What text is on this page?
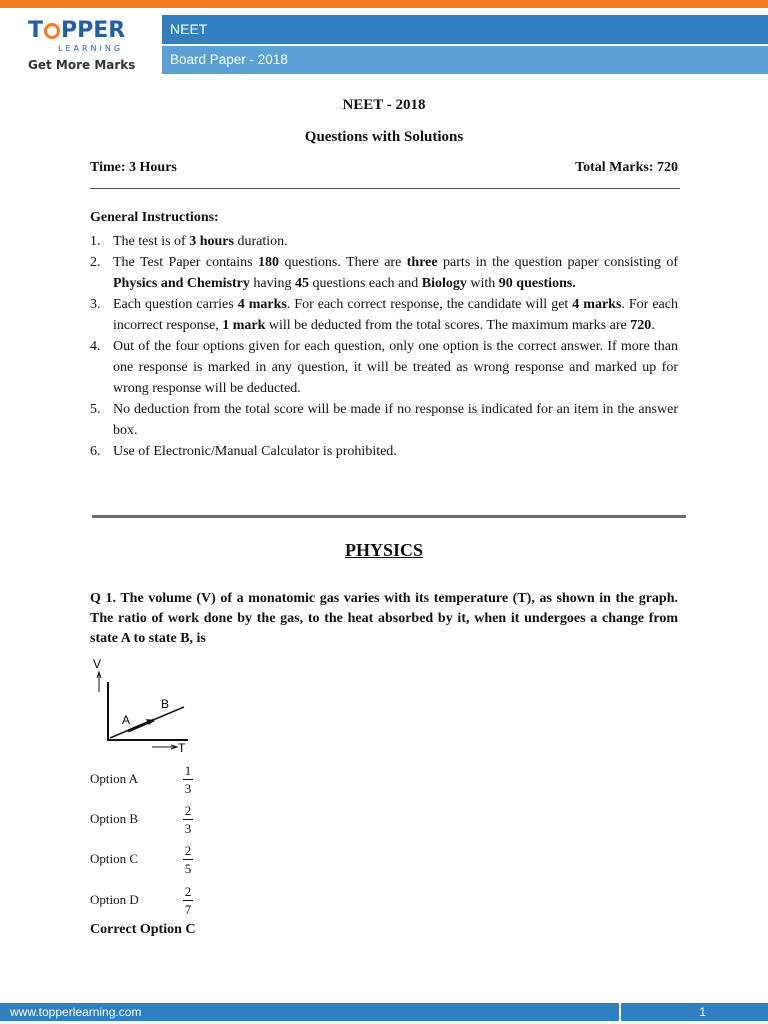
T PPER
LEARNING
Get More Marks
NEET
Board Paper - 2018
NEET - 2018
Questions with Solutions
Time: 3 Hours	Total Marks: 720
General Instructions:
1. The test is of 3 hours duration.
2. The Test Paper contains 180 questions. There are three parts in the question paper consisting of Physics and Chemistry having 45 questions each and Biology with 90 questions.
3. Each question carries 4 marks. For each correct response, the candidate will get 4 marks. For each incorrect response, 1 mark will be deducted from the total scores. The maximum marks are 720.
4. Out of the four options given for each question, only one option is the correct answer. If more than one response is marked in any question, it will be treated as wrong response and marked up for wrong response will be deducted.
5. No deduction from the total score will be made if no response is indicated for an item in the answer box.
6. Use of Electronic/Manual Calculator is prohibited.
PHYSICS
Q 1. The volume (V) of a monatomic gas varies with its temperature (T), as shown in the graph. The ratio of work done by the gas, to the heat absorbed by it, when it undergoes a change from state A to state B, is
V
A
B
T
Option A
1
3
Option B
2
3
Option C
2
5
Option D
2
7
Correct Option C
www.topperlearning.com	1
